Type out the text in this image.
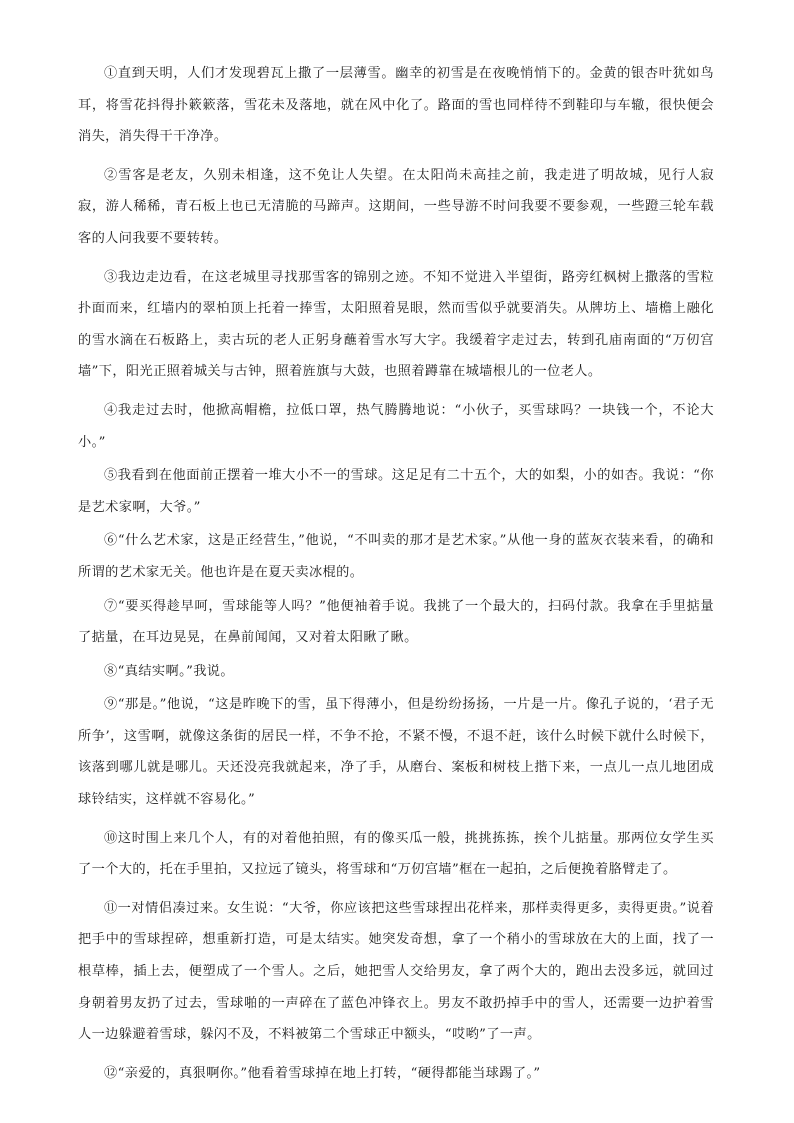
①直到天明，人们才发现碧瓦上撒了一层薄雪。幽幸的初雪是在夜晚悄悄下的。金黄的银杏叶犹如鸟耳，将雪花抖得扑簌簌落，雪花未及落地，就在风中化了。路面的雪也同样待不到鞋印与车辙，很快便会消失，消失得干干净净。

②雪客是老友，久别未相逢，这不免让人失望。在太阳尚未高挂之前，我走进了明故城，见行人寂寂，游人稀稀，青石板上也已无清脆的马蹄声。这期间，一些导游不时问我要不要参观，一些蹬三轮车载客的人问我要不要转转。

③我边走边看，在这老城里寻找那雪客的锦别之迹。不知不觉进入半望街，路旁红枫树上撒落的雪粒扑面而来，红墙内的翠柏顶上托着一捧雪，太阳照着晃眼，然而雪似乎就要消失。从牌坊上、墙檐上融化的雪水滴在石板路上，卖古玩的老人正躬身蘸着雪水写大字。我缓着字走过去，转到孔庙南面的“万仞宫墙”下，阳光正照着城关与古钟，照着旌旗与大鼓，也照着蹲靠在城墙根儿的一位老人。

④我走过去时，他掀高帽檐，拉低口罩，热气腾腾地说：“小伙子，买雪球吗？一块钱一个，不论大小。”

⑤我看到在他面前正摆着一堆大小不一的雪球。这足足有二十五个，大的如梨，小的如杏。我说：“你是艺术家啊，大爷。”

⑥“什么艺术家，这是正经营生，”他说，“不叫卖的那才是艺术家。”从他一身的蓝灰衣装来看，的确和所谓的艺术家无关。他也许是在夏天卖冰棍的。

⑦“要买得趁早呵，雪球能等人吗？”他便袖着手说。我挑了一个最大的，扫码付款。我拿在手里掂量了掂量，在耳边晃晃，在鼻前闻闻，又对着太阳瞅了瞅。

⑧“真结实啊。”我说。

⑨“那是。”他说，“这是昨晚下的雪，虽下得薄小，但是纷纷扬扬，一片是一片。像孔子说的，‘君子无所争’，这雪啊，就像这条街的居民一样，不争不抢，不紧不慢，不退不赶，该什么时候下就什么时候下，该落到哪儿就是哪儿。天还没亮我就起来，净了手，从磨台、案板和树枝上揩下来，一点儿一点儿地团成球铃结实，这样就不容易化。”

⑩这时围上来几个人，有的对着他拍照，有的像买瓜一般，挑挑拣拣，挨个儿掂量。那两位女学生买了一个大的，托在手里拍，又拉远了镜头，将雪球和“万仞宫墙”框在一起拍，之后便挽着胳臂走了。

⑪一对情侣凑过来。女生说：“大爷，你应该把这些雪球捏出花样来，那样卖得更多，卖得更贵。”说着把手中的雪球捏碎，想重新打造，可是太结实。她突发奇想，拿了一个稍小的雪球放在大的上面，找了一根草棒，插上去，便塑成了一个雪人。之后，她把雪人交给男友，拿了两个大的，跑出去没多远，就回过身朝着男友扔了过去，雪球啪的一声碎在了蓝色冲锋衣上。男友不敢扔掉手中的雪人，还需要一边护着雪人一边躲避着雪球，躲闪不及，不料被第二个雪球正中额头，“哎哟”了一声。

⑫“亲爱的，真狠啊你。”他看着雪球掉在地上打转，“硬得都能当球踢了。”
